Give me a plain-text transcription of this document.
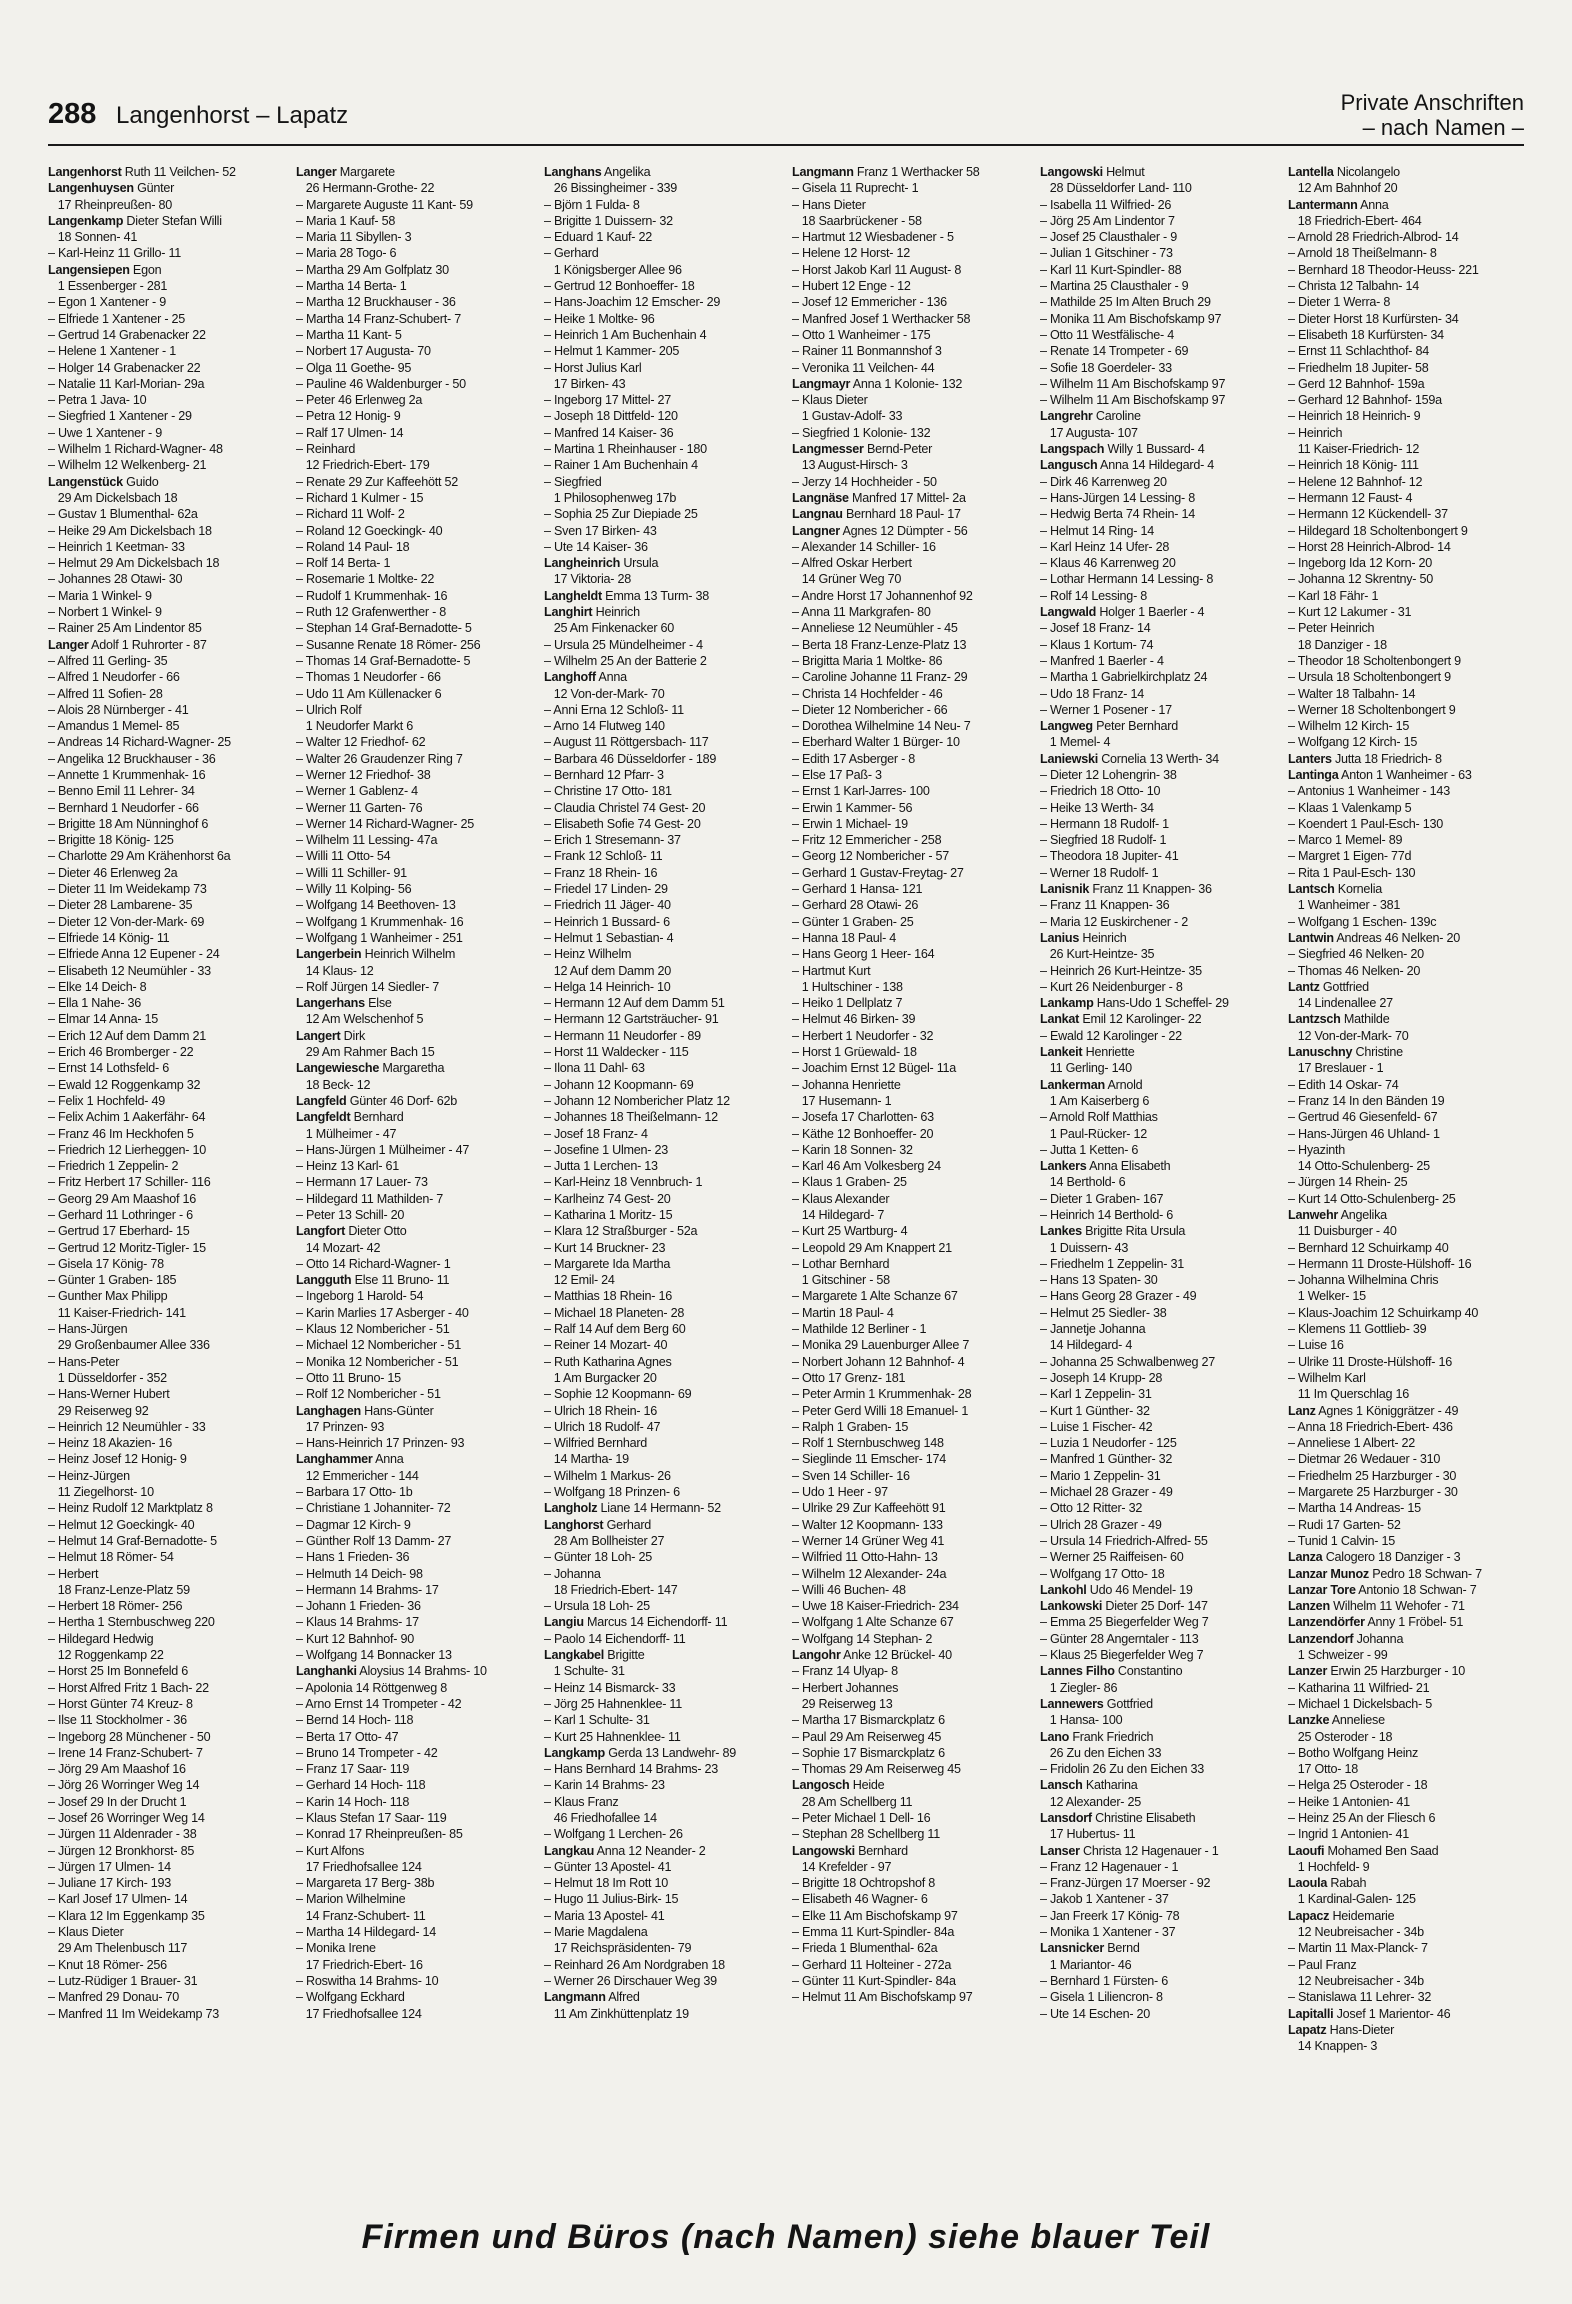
288 Langenhorst – Lapatz	Private Anschriften
– nach Namen –
Langenhorst Ruth 11 Veilchen- 52
Langenhuysen Günter
17 Rheinpreußen- 80
Langenkamp Dieter Stefan Willi
18 Sonnen- 41
– Karl-Heinz 11 Grillo- 11
Langensiepen Egon
1 Essenberger - 281
– Egon 1 Xantener - 9
– Elfriede 1 Xantener - 25
– Gertrud 14 Grabenacker 22
– Helene 1 Xantener - 1
– Holger 14 Grabenacker 22
– Natalie 11 Karl-Morian- 29a
– Petra 1 Java- 10
– Siegfried 1 Xantener - 29
– Uwe 1 Xantener - 9
– Wilhelm 1 Richard-Wagner- 48
– Wilhelm 12 Welkenberg- 21
Langenstück Guido
29 Am Dickelsbach 18
– Gustav 1 Blumenthal- 62a
– Heike 29 Am Dickelsbach 18
– Heinrich 1 Keetman- 33
– Helmut 29 Am Dickelsbach 18
– Johannes 28 Otawi- 30
– Maria 1 Winkel- 9
– Norbert 1 Winkel- 9
– Rainer 25 Am Lindentor 85
Langer Adolf 1 Ruhrorter - 87
– Alfred 11 Gerling- 35
– Alfred 1 Neudorfer - 66
– Alfred 11 Sofien- 28
– Alois 28 Nürnberger - 41
– Amandus 1 Memel- 85
– Andreas 14 Richard-Wagner- 25
– Angelika 12 Bruckhauser - 36
– Annette 1 Krummenhak- 16
– Benno Emil 11 Lehrer- 34
– Bernhard 1 Neudorfer - 66
– Brigitte 18 Am Nünninghof 6
– Brigitte 18 König- 125
– Charlotte 29 Am Krähenhorst 6a
– Dieter 46 Erlenweg 2a
– Dieter 11 Im Weidekamp 73
– Dieter 28 Lambarene- 35
– Dieter 12 Von-der-Mark- 69
– Elfriede 14 König- 11
– Elfriede Anna 12 Eupener - 24
– Elisabeth 12 Neumühler - 33
– Elke 14 Deich- 8
– Ella 1 Nahe- 36
– Elmar 14 Anna- 15
– Erich 12 Auf dem Damm 21
– Erich 46 Bromberger - 22
– Ernst 14 Lothsfeld- 6
– Ewald 12 Roggenkamp 32
– Felix 1 Hochfeld- 49
– Felix Achim 1 Aakerfähr- 64
– Franz 46 Im Heckhofen 5
– Friedrich 12 Lierheggen- 10
– Friedrich 1 Zeppelin- 2
– Fritz Herbert 17 Schiller- 116
– Georg 29 Am Maashof 16
– Gerhard 11 Lothringer - 6
– Gertrud 17 Eberhard- 15
– Gertrud 12 Moritz-Tigler- 15
– Gisela 17 König- 78
– Günter 1 Graben- 185
– Gunther Max Philipp
11 Kaiser-Friedrich- 141
– Hans-Jürgen
29 Großenbaumer Allee 336
– Hans-Peter
1 Düsseldorfer - 352
– Hans-Werner Hubert
29 Reiserweg 92
– Heinrich 12 Neumühler - 33
– Heinz 18 Akazien- 16
– Heinz Josef 12 Honig- 9
– Heinz-Jürgen
11 Ziegelhorst- 10
– Heinz Rudolf 12 Marktplatz 8
– Helmut 12 Goeckingk- 40
– Helmut 14 Graf-Bernadotte- 5
– Helmut 18 Römer- 54
– Herbert
18 Franz-Lenze-Platz 59
– Herbert 18 Römer- 256
– Hertha 1 Sternbuschweg 220
– Hildegard Hedwig
12 Roggenkamp 22
– Horst 25 Im Bonnefeld 6
– Horst Alfred Fritz 1 Bach- 22
– Horst Günter 74 Kreuz- 8
– Ilse 11 Stockholmer - 36
– Ingeborg 28 Münchener - 50
– Irene 14 Franz-Schubert- 7
– Jörg 29 Am Maashof 16
– Jörg 26 Worringer Weg 14
– Josef 29 In der Drucht 1
– Josef 26 Worringer Weg 14
– Jürgen 11 Aldenrader - 38
– Jürgen 12 Bronkhorst- 85
– Jürgen 17 Ulmen- 14
– Juliane 17 Kirch- 193
– Karl Josef 17 Ulmen- 14
– Klara 12 Im Eggenkamp 35
– Klaus Dieter
29 Am Thelenbusch 117
– Knut 18 Römer- 256
– Lutz-Rüdiger 1 Brauer- 31
– Manfred 29 Donau- 70
– Manfred 11 Im Weidekamp 73
Langer Margarete
26 Hermann-Grothe- 22
– Margarete Auguste 11 Kant- 59
– Maria 1 Kauf- 58
– Maria 11 Sibyllen- 3
– Maria 28 Togo- 6
– Martha 29 Am Golfplatz 30
– Martha 14 Berta- 1
– Martha 12 Bruckhauser - 36
– Martha 14 Franz-Schubert- 7
– Martha 11 Kant- 5
– Norbert 17 Augusta- 70
– Olga 11 Goethe- 95
– Pauline 46 Waldenburger - 50
– Peter 46 Erlenweg 2a
– Petra 12 Honig- 9
– Ralf 17 Ulmen- 14
– Reinhard
12 Friedrich-Ebert- 179
– Renate 29 Zur Kaffeehött 52
– Richard 1 Kulmer - 15
– Richard 11 Wolf- 2
– Roland 12 Goeckingk- 40
– Roland 14 Paul- 18
– Rolf 14 Berta- 1
– Rosemarie 1 Moltke- 22
– Rudolf 1 Krummenhak- 16
– Ruth 12 Grafenwerther - 8
– Stephan 14 Graf-Bernadotte- 5
– Susanne Renate 18 Römer- 256
– Thomas 14 Graf-Bernadotte- 5
– Thomas 1 Neudorfer - 66
– Udo 11 Am Küllenacker 6
– Ulrich Rolf
1 Neudorfer Markt 6
– Walter 12 Friedhof- 62
– Walter 26 Graudenzer Ring 7
– Werner 12 Friedhof- 38
– Werner 1 Gablenz- 4
– Werner 11 Garten- 76
– Werner 14 Richard-Wagner- 25
– Wilhelm 11 Lessing- 47a
– Willi 11 Otto- 54
– Willi 11 Schiller- 91
– Willy 11 Kolping- 56
– Wolfgang 14 Beethoven- 13
– Wolfgang 1 Krummenhak- 16
– Wolfgang 1 Wanheimer - 251
Langerbein Heinrich Wilhelm
14 Klaus- 12
– Rolf Jürgen 14 Siedler- 7
Langerhans Else
12 Am Welschenhof 5
Langert Dirk
29 Am Rahmer Bach 15
Langewiesche Margaretha
18 Beck- 12
Langfeld Günter 46 Dorf- 62b
Langfeldt Bernhard
1 Mülheimer - 47
– Hans-Jürgen 1 Mülheimer - 47
– Heinz 13 Karl- 61
– Hermann 17 Lauer- 73
– Hildegard 11 Mathilden- 7
– Peter 13 Schill- 20
Langfort Dieter Otto
14 Mozart- 42
– Otto 14 Richard-Wagner- 1
Langguth Else 11 Bruno- 11
– Ingeborg 1 Harold- 54
– Karin Marlies 17 Asberger - 40
– Klaus 12 Nombericher - 51
– Michael 12 Nombericher - 51
– Monika 12 Nombericher - 51
– Otto 11 Bruno- 15
– Rolf 12 Nombericher - 51
Langhagen Hans-Günter
17 Prinzen- 93
– Hans-Heinrich 17 Prinzen- 93
Langhammer Anna
12 Emmericher - 144
– Barbara 17 Otto- 1b
– Christiane 1 Johanniter- 72
– Dagmar 12 Kirch- 9
– Günther Rolf 13 Damm- 27
– Hans 1 Frieden- 36
– Helmuth 14 Deich- 98
– Hermann 14 Brahms- 17
– Johann 1 Frieden- 36
– Klaus 14 Brahms- 17
– Kurt 12 Bahnhof- 90
– Wolfgang 14 Bonnacker 13
Langhanki Aloysius 14 Brahms- 10
– Apolonia 14 Röttgenweg 8
– Arno Ernst 14 Trompeter - 42
– Bernd 14 Hoch- 118
– Berta 17 Otto- 47
– Bruno 14 Trompeter - 42
– Franz 17 Saar- 119
– Gerhard 14 Hoch- 118
– Karin 14 Hoch- 118
– Klaus Stefan 17 Saar- 119
– Konrad 17 Rheinpreußen- 85
– Kurt Alfons
17 Friedhofsallee 124
– Margareta 17 Berg- 38b
– Marion Wilhelmine
14 Franz-Schubert- 11
– Martha 14 Hildegard- 14
– Monika Irene
17 Friedrich-Ebert- 16
– Roswitha 14 Brahms- 10
– Wolfgang Eckhard
17 Friedhofsallee 124
Langhans Angelika
26 Bissingheimer - 339
– Björn 1 Fulda- 8
– Brigitte 1 Duissern- 32
– Eduard 1 Kauf- 22
– Gerhard
1 Königsberger Allee 96
– Gertrud 12 Bonhoeffer- 18
– Hans-Joachim 12 Emscher- 29
– Heike 1 Moltke- 96
– Heinrich 1 Am Buchenhain 4
– Helmut 1 Kammer- 205
– Horst Julius Karl
17 Birken- 43
– Ingeborg 17 Mittel- 27
– Joseph 18 Dittfeld- 120
– Manfred 14 Kaiser- 36
– Martina 1 Rheinhauser - 180
– Rainer 1 Am Buchenhain 4
– Siegfried
1 Philosophenweg 17b
– Sophia 25 Zur Diepiade 25
– Sven 17 Birken- 43
– Ute 14 Kaiser- 36
Langheinrich Ursula
17 Viktoria- 28
Langheldt Emma 13 Turm- 38
Langhirt Heinrich
25 Am Finkenacker 60
– Ursula 25 Mündelheimer - 4
– Wilhelm 25 An der Batterie 2
Langhoff Anna
12 Von-der-Mark- 70
– Anni Erna 12 Schloß- 11
– Arno 14 Flutweg 140
– August 11 Röttgersbach- 117
– Barbara 46 Düsseldorfer - 189
– Bernhard 12 Pfarr- 3
– Christine 17 Otto- 181
– Claudia Christel 74 Gest- 20
– Elisabeth Sofie 74 Gest- 20
– Erich 1 Stresemann- 37
– Frank 12 Schloß- 11
– Franz 18 Rhein- 16
– Friedel 17 Linden- 29
– Friedrich 11 Jäger- 40
– Heinrich 1 Bussard- 6
– Helmut 1 Sebastian- 4
– Heinz Wilhelm
12 Auf dem Damm 20
– Helga 14 Heinrich- 10
– Hermann 12 Auf dem Damm 51
– Hermann 12 Gartsträucher- 91
– Hermann 11 Neudorfer - 89
– Horst 11 Waldecker - 115
– Ilona 11 Dahl- 63
– Johann 12 Koopmann- 69
– Johann 12 Nombericher Platz 12
– Johannes 18 Theißelmann- 12
– Josef 18 Franz- 4
– Josefine 1 Ulmen- 23
– Jutta 1 Lerchen- 13
– Karl-Heinz 18 Vennbruch- 1
– Karlheinz 74 Gest- 20
– Katharina 1 Moritz- 15
– Klara 12 Straßburger - 52a
– Kurt 14 Bruckner- 23
– Margarete Ida Martha
12 Emil- 24
– Matthias 18 Rhein- 16
– Michael 18 Planeten- 28
– Ralf 14 Auf dem Berg 60
– Reiner 14 Mozart- 40
– Ruth Katharina Agnes
1 Am Burgacker 20
– Sophie 12 Koopmann- 69
– Ulrich 18 Rhein- 16
– Ulrich 18 Rudolf- 47
– Wilfried Bernhard
14 Martha- 19
– Wilhelm 1 Markus- 26
– Wolfgang 18 Prinzen- 6
Langholz Liane 14 Hermann- 52
Langhorst Gerhard
28 Am Bollheister 27
– Günter 18 Loh- 25
– Johanna
18 Friedrich-Ebert- 147
– Ursula 18 Loh- 25
Langiu Marcus 14 Eichendorff- 11
– Paolo 14 Eichendorff- 11
Langkabel Brigitte
1 Schulte- 31
– Heinz 14 Bismarck- 33
– Jörg 25 Hahnenklee- 11
– Karl 1 Schulte- 31
– Kurt 25 Hahnenklee- 11
Langkamp Gerda 13 Landwehr- 89
– Hans Bernhard 14 Brahms- 23
– Karin 14 Brahms- 23
– Klaus Franz
46 Friedhofallee 14
– Wolfgang 1 Lerchen- 26
Langkau Anna 12 Neander- 2
– Günter 13 Apostel- 41
– Helmut 18 Im Rott 10
– Hugo 11 Julius-Birk- 15
– Maria 13 Apostel- 41
– Marie Magdalena
17 Reichspräsidenten- 79
– Reinhard 26 Am Nordgraben 18
– Werner 26 Dirschauer Weg 39
Langmann Alfred
11 Am Zinkhüttenplatz 19
Langmann Franz 1 Werthacker 58
– Gisela 11 Ruprecht- 1
– Hans Dieter
18 Saarbrückener - 58
– Hartmut 12 Wiesbadener - 5
– Helene 12 Horst- 12
– Horst Jakob Karl 11 August- 8
– Hubert 12 Enge - 12
– Josef 12 Emmericher - 136
– Manfred Josef 1 Werthacker 58
– Otto 1 Wanheimer - 175
– Rainer 11 Bonmannshof 3
– Veronika 11 Veilchen- 44
Langmayr Anna 1 Kolonie- 132
– Klaus Dieter
1 Gustav-Adolf- 33
– Siegfried 1 Kolonie- 132
Langmesser Bernd-Peter
13 August-Hirsch- 3
– Jerzy 14 Hochheider - 50
Langnäse Manfred 17 Mittel- 2a
Langnau Bernhard 18 Paul- 17
Langner Agnes 12 Dümpter - 56
– Alexander 14 Schiller- 16
– Alfred Oskar Herbert
14 Grüner Weg 70
– Andre Horst 17 Johannenhof 92
– Anna 11 Markgrafen- 80
– Anneliese 12 Neumühler - 45
– Berta 18 Franz-Lenze-Platz 13
– Brigitta Maria 1 Moltke- 86
– Caroline Johanne 11 Franz- 29
– Christa 14 Hochfelder - 46
– Dieter 12 Nombericher - 66
– Dorothea Wilhelmine 14 Neu- 7
– Eberhard Walter 1 Bürger- 10
– Edith 17 Asberger - 8
– Else 17 Paß- 3
– Ernst 1 Karl-Jarres- 100
– Erwin 1 Kammer- 56
– Erwin 1 Michael- 19
– Fritz 12 Emmericher - 258
– Georg 12 Nombericher - 57
– Gerhard 1 Gustav-Freytag- 27
– Gerhard 1 Hansa- 121
– Gerhard 28 Otawi- 26
– Günter 1 Graben- 25
– Hanna 18 Paul- 4
– Hans Georg 1 Heer- 164
– Hartmut Kurt
1 Hultschiner - 138
– Heiko 1 Dellplatz 7
– Helmut 46 Birken- 39
– Herbert 1 Neudorfer - 32
– Horst 1 Grüewald- 18
– Joachim Ernst 12 Bügel- 11a
– Johanna Henriette
17 Husemann- 1
– Josefa 17 Charlotten- 63
– Käthe 12 Bonhoeffer- 20
– Karin 18 Sonnen- 32
– Karl 46 Am Volkesberg 24
– Klaus 1 Graben- 25
– Klaus Alexander
14 Hildegard- 7
– Kurt 25 Wartburg- 4
– Leopold 29 Am Knappert 21
– Lothar Bernhard
1 Gitschiner - 58
– Margarete 1 Alte Schanze 67
– Martin 18 Paul- 4
– Mathilde 12 Berliner - 1
– Monika 29 Lauenburger Allee 7
– Norbert Johann 12 Bahnhof- 4
– Otto 17 Grenz- 181
– Peter Armin 1 Krummenhak- 28
– Peter Gerd Willi 18 Emanuel- 1
– Ralph 1 Graben- 15
– Rolf 1 Sternbuschweg 148
– Sieglinde 11 Emscher- 174
– Sven 14 Schiller- 16
– Udo 1 Heer - 97
– Ulrike 29 Zur Kaffeehött 91
– Walter 12 Koopmann- 133
– Werner 14 Grüner Weg 41
– Wilfried 11 Otto-Hahn- 13
– Wilhelm 12 Alexander- 24a
– Willi 46 Buchen- 48
– Uwe 18 Kaiser-Friedrich- 234
– Wolfgang 1 Alte Schanze 67
– Wolfgang 14 Stephan- 2
Langohr Anke 12 Brückel- 40
– Franz 14 Ulyap- 8
– Herbert Johannes
29 Reiserweg 13
– Martha 17 Bismarckplatz 6
– Paul 29 Am Reiserweg 45
– Sophie 17 Bismarckplatz 6
– Thomas 29 Am Reiserweg 45
Langosch Heide
28 Am Schellberg 11
– Peter Michael 1 Dell- 16
– Stephan 28 Schellberg 11
Langowski Bernhard
14 Krefelder - 97
– Brigitte 18 Ochtropshof 8
– Elisabeth 46 Wagner- 6
– Elke 11 Am Bischofskamp 97
– Emma 11 Kurt-Spindler- 84a
– Frieda 1 Blumenthal- 62a
– Gerhard 11 Holteiner - 272a
– Günter 11 Kurt-Spindler- 84a
– Helmut 11 Am Bischofskamp 97
Langowski Helmut
28 Düsseldorfer Land- 110
– Isabella 11 Wilfried- 26
– Jörg 25 Am Lindentor 7
– Josef 25 Clausthaler - 9
– Julian 1 Gitschiner - 73
– Karl 11 Kurt-Spindler- 88
– Martina 25 Clausthaler - 9
– Mathilde 25 Im Alten Bruch 29
– Monika 11 Am Bischofskamp 97
– Otto 11 Westfälische- 4
– Renate 14 Trompeter - 69
– Sofie 18 Goerdeler- 33
– Wilhelm 11 Am Bischofskamp 97
– Wilhelm 11 Am Bischofskamp 97
Langrehr Caroline
17 Augusta- 107
Langspach Willy 1 Bussard- 4
Langusch Anna 14 Hildegard- 4
– Dirk 46 Karrenweg 20
– Hans-Jürgen 14 Lessing- 8
– Hedwig Berta 74 Rhein- 14
– Helmut 14 Ring- 14
– Karl Heinz 14 Ufer- 28
– Klaus 46 Karrenweg 20
– Lothar Hermann 14 Lessing- 8
– Rolf 14 Lessing- 8
Langwald Holger 1 Baerler - 4
– Josef 18 Franz- 14
– Klaus 1 Kortum- 74
– Manfred 1 Baerler - 4
– Martha 1 Gabrielkirchplatz 24
– Udo 18 Franz- 14
– Werner 1 Posener - 17
Langweg Peter Bernhard
1 Memel- 4
Laniewski Cornelia 13 Werth- 34
– Dieter 12 Lohengrin- 38
– Friedrich 18 Otto- 10
– Heike 13 Werth- 34
– Hermann 18 Rudolf- 1
– Siegfried 18 Rudolf- 1
– Theodora 18 Jupiter- 41
– Werner 18 Rudolf- 1
Lanisnik Franz 11 Knappen- 36
– Franz 11 Knappen- 36
– Maria 12 Euskirchener - 2
Lanius Heinrich
26 Kurt-Heintze- 35
– Heinrich 26 Kurt-Heintze- 35
– Kurt 26 Neidenburger - 8
Lankamp Hans-Udo 1 Scheffel- 29
Lankat Emil 12 Karolinger- 22
– Ewald 12 Karolinger - 22
Lankeit Henriette
11 Gerling- 140
Lankerman Arnold
1 Am Kaiserberg 6
– Arnold Rolf Matthias
1 Paul-Rücker- 12
– Jutta 1 Ketten- 6
Lankers Anna Elisabeth
14 Berthold- 6
– Dieter 1 Graben- 167
– Heinrich 14 Berthold- 6
Lankes Brigitte Rita Ursula
1 Duissern- 43
– Friedhelm 1 Zeppelin- 31
– Hans 13 Spaten- 30
– Hans Georg 28 Grazer - 49
– Helmut 25 Siedler- 38
– Jannetje Johanna
14 Hildegard- 4
– Johanna 25 Schwalbenweg 27
– Joseph 14 Krupp- 28
– Karl 1 Zeppelin- 31
– Kurt 1 Günther- 32
– Luise 1 Fischer- 42
– Luzia 1 Neudorfer - 125
– Manfred 1 Günther- 32
– Mario 1 Zeppelin- 31
– Michael 28 Grazer - 49
– Otto 12 Ritter- 32
– Ulrich 28 Grazer - 49
– Ursula 14 Friedrich-Alfred- 55
– Werner 25 Raiffeisen- 60
– Wolfgang 17 Otto- 18
Lankohl Udo 46 Mendel- 19
Lankowski Dieter 25 Dorf- 147
– Emma 25 Biegerfelder Weg 7
– Günter 28 Angerntaler - 113
– Klaus 25 Biegerfelder Weg 7
Lannes Filho Constantino
1 Ziegler- 86
Lannewers Gottfried
1 Hansa- 100
Lano Frank Friedrich
26 Zu den Eichen 33
– Fridolin 26 Zu den Eichen 33
Lansch Katharina
12 Alexander- 25
Lansdorf Christine Elisabeth
17 Hubertus- 11
Lanser Christa 12 Hagenauer - 1
– Franz 12 Hagenauer - 1
– Franz-Jürgen 17 Moerser - 92
– Jakob 1 Xantener - 37
– Jan Freerk 17 König- 78
– Monika 1 Xantener - 37
Lansnicker Bernd
1 Mariantor- 46
– Bernhard 1 Fürsten- 6
– Gisela 1 Liliencron- 8
– Ute 14 Eschen- 20
Lantella Nicolangelo
12 Am Bahnhof 20
Lantermann Anna
18 Friedrich-Ebert- 464
– Arnold 28 Friedrich-Albrod- 14
– Arnold 18 Theißelmann- 8
– Bernhard 18 Theodor-Heuss- 221
– Christa 12 Talbahn- 14
– Dieter 1 Werra- 8
– Dieter Horst 18 Kurfürsten- 34
– Elisabeth 18 Kurfürsten- 34
– Ernst 11 Schlachthof- 84
– Friedhelm 18 Jupiter- 58
– Gerd 12 Bahnhof- 159a
– Gerhard 12 Bahnhof- 159a
– Heinrich 18 Heinrich- 9
– Heinrich
11 Kaiser-Friedrich- 12
– Heinrich 18 König- 111
– Helene 12 Bahnhof- 12
– Hermann 12 Faust- 4
– Hermann 12 Kückendell- 37
– Hildegard 18 Scholtenbongert 9
– Horst 28 Heinrich-Albrod- 14
– Ingeborg Ida 12 Korn- 20
– Johanna 12 Skrentny- 50
– Karl 18 Fähr- 1
– Kurt 12 Lakumer - 31
– Peter Heinrich
18 Danziger - 18
– Theodor 18 Scholtenbongert 9
– Ursula 18 Scholtenbongert 9
– Walter 18 Talbahn- 14
– Werner 18 Scholtenbongert 9
– Wilhelm 12 Kirch- 15
– Wolfgang 12 Kirch- 15
Lanters Jutta 18 Friedrich- 8
Lantinga Anton 1 Wanheimer - 63
– Antonius 1 Wanheimer - 143
– Klaas 1 Valenkamp 5
– Koendert 1 Paul-Esch- 130
– Marco 1 Memel- 89
– Margret 1 Eigen- 77d
– Rita 1 Paul-Esch- 130
Lantsch Kornelia
1 Wanheimer - 381
– Wolfgang 1 Eschen- 139c
Lantwin Andreas 46 Nelken- 20
– Siegfried 46 Nelken- 20
– Thomas 46 Nelken- 20
Lantz Gottfried
14 Lindenallee 27
Lantzsch Mathilde
12 Von-der-Mark- 70
Lanuschny Christine
17 Breslauer - 1
– Edith 14 Oskar- 74
– Franz 14 In den Bänden 19
– Gertrud 46 Giesenfeld- 67
– Hans-Jürgen 46 Uhland- 1
– Hyazinth
14 Otto-Schulenberg- 25
– Jürgen 14 Rhein- 25
– Kurt 14 Otto-Schulenberg- 25
Lanwehr Angelika
11 Duisburger - 40
– Bernhard 12 Schuirkamp 40
– Hermann 11 Droste-Hülshoff- 16
– Johanna Wilhelmina Chris
1 Welker- 15
– Klaus-Joachim 12 Schuirkamp 40
– Klemens 11 Gottlieb- 39
– Luise 16
– Ulrike 11 Droste-Hülshoff- 16
– Wilhelm Karl
11 Im Querschlag 16
Lanz Agnes 1 Königgrätzer - 49
– Anna 18 Friedrich-Ebert- 436
– Anneliese 1 Albert- 22
– Dietmar 26 Wedauer - 310
– Friedhelm 25 Harzburger - 30
– Margarete 25 Harzburger - 30
– Martha 14 Andreas- 15
– Rudi 17 Garten- 52
– Tunid 1 Calvin- 15
Lanza Calogero 18 Danziger - 3
Lanzar Munoz Pedro 18 Schwan- 7
Lanzar Tore Antonio 18 Schwan- 7
Lanzen Wilhelm 11 Wehofer - 71
Lanzendörfer Anny 1 Fröbel- 51
Lanzendorf Johanna
1 Schweizer - 99
Lanzer Erwin 25 Harzburger - 10
– Katharina 11 Wilfried- 21
– Michael 1 Dickelsbach- 5
Lanzke Anneliese
25 Osteroder - 18
– Botho Wolfgang Heinz
17 Otto- 18
– Helga 25 Osteroder - 18
– Heike 1 Antonien- 41
– Heinz 25 An der Fliesch 6
– Ingrid 1 Antonien- 41
Laoufi Mohamed Ben Saad
1 Hochfeld- 9
Laoula Rabah
1 Kardinal-Galen- 125
Lapacz Heidemarie
12 Neubreisacher - 34b
– Martin 11 Max-Planck- 7
– Paul Franz
12 Neubreisacher - 34b
– Stanislawa 11 Lehrer- 32
Lapitalli Josef 1 Marientor- 46
Lapatz Hans-Dieter
14 Knappen- 3
Firmen und Büros (nach Namen) siehe blauer Teil
